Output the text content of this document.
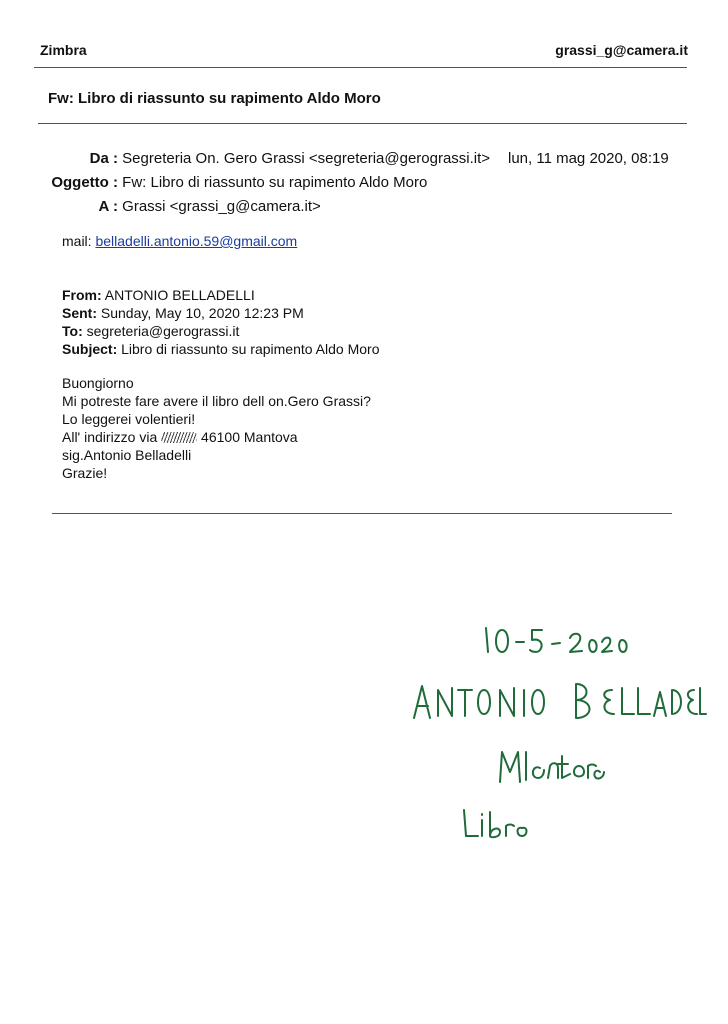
Zimbra	grassi_g@camera.it
Fw: Libro di riassunto su rapimento Aldo Moro
Da : Segreteria On. Gero Grassi <segreteria@gerograssi.it> lun, 11 mag 2020, 08:19
Oggetto : Fw: Libro di riassunto su rapimento Aldo Moro
A : Grassi <grassi_g@camera.it>
mail: belladelli.antonio.59@gmail.com
From: ANTONIO BELLADELLI
Sent: Sunday, May 10, 2020 12:23 PM
To: segreteria@gerograssi.it
Subject: Libro di riassunto su rapimento Aldo Moro
Buongiorno
Mi potreste fare avere il libro dell on.Gero Grassi?
Lo leggerei volentieri!
All' indirizzo via	46100 Mantova
sig.Antonio Belladelli
Grazie!
